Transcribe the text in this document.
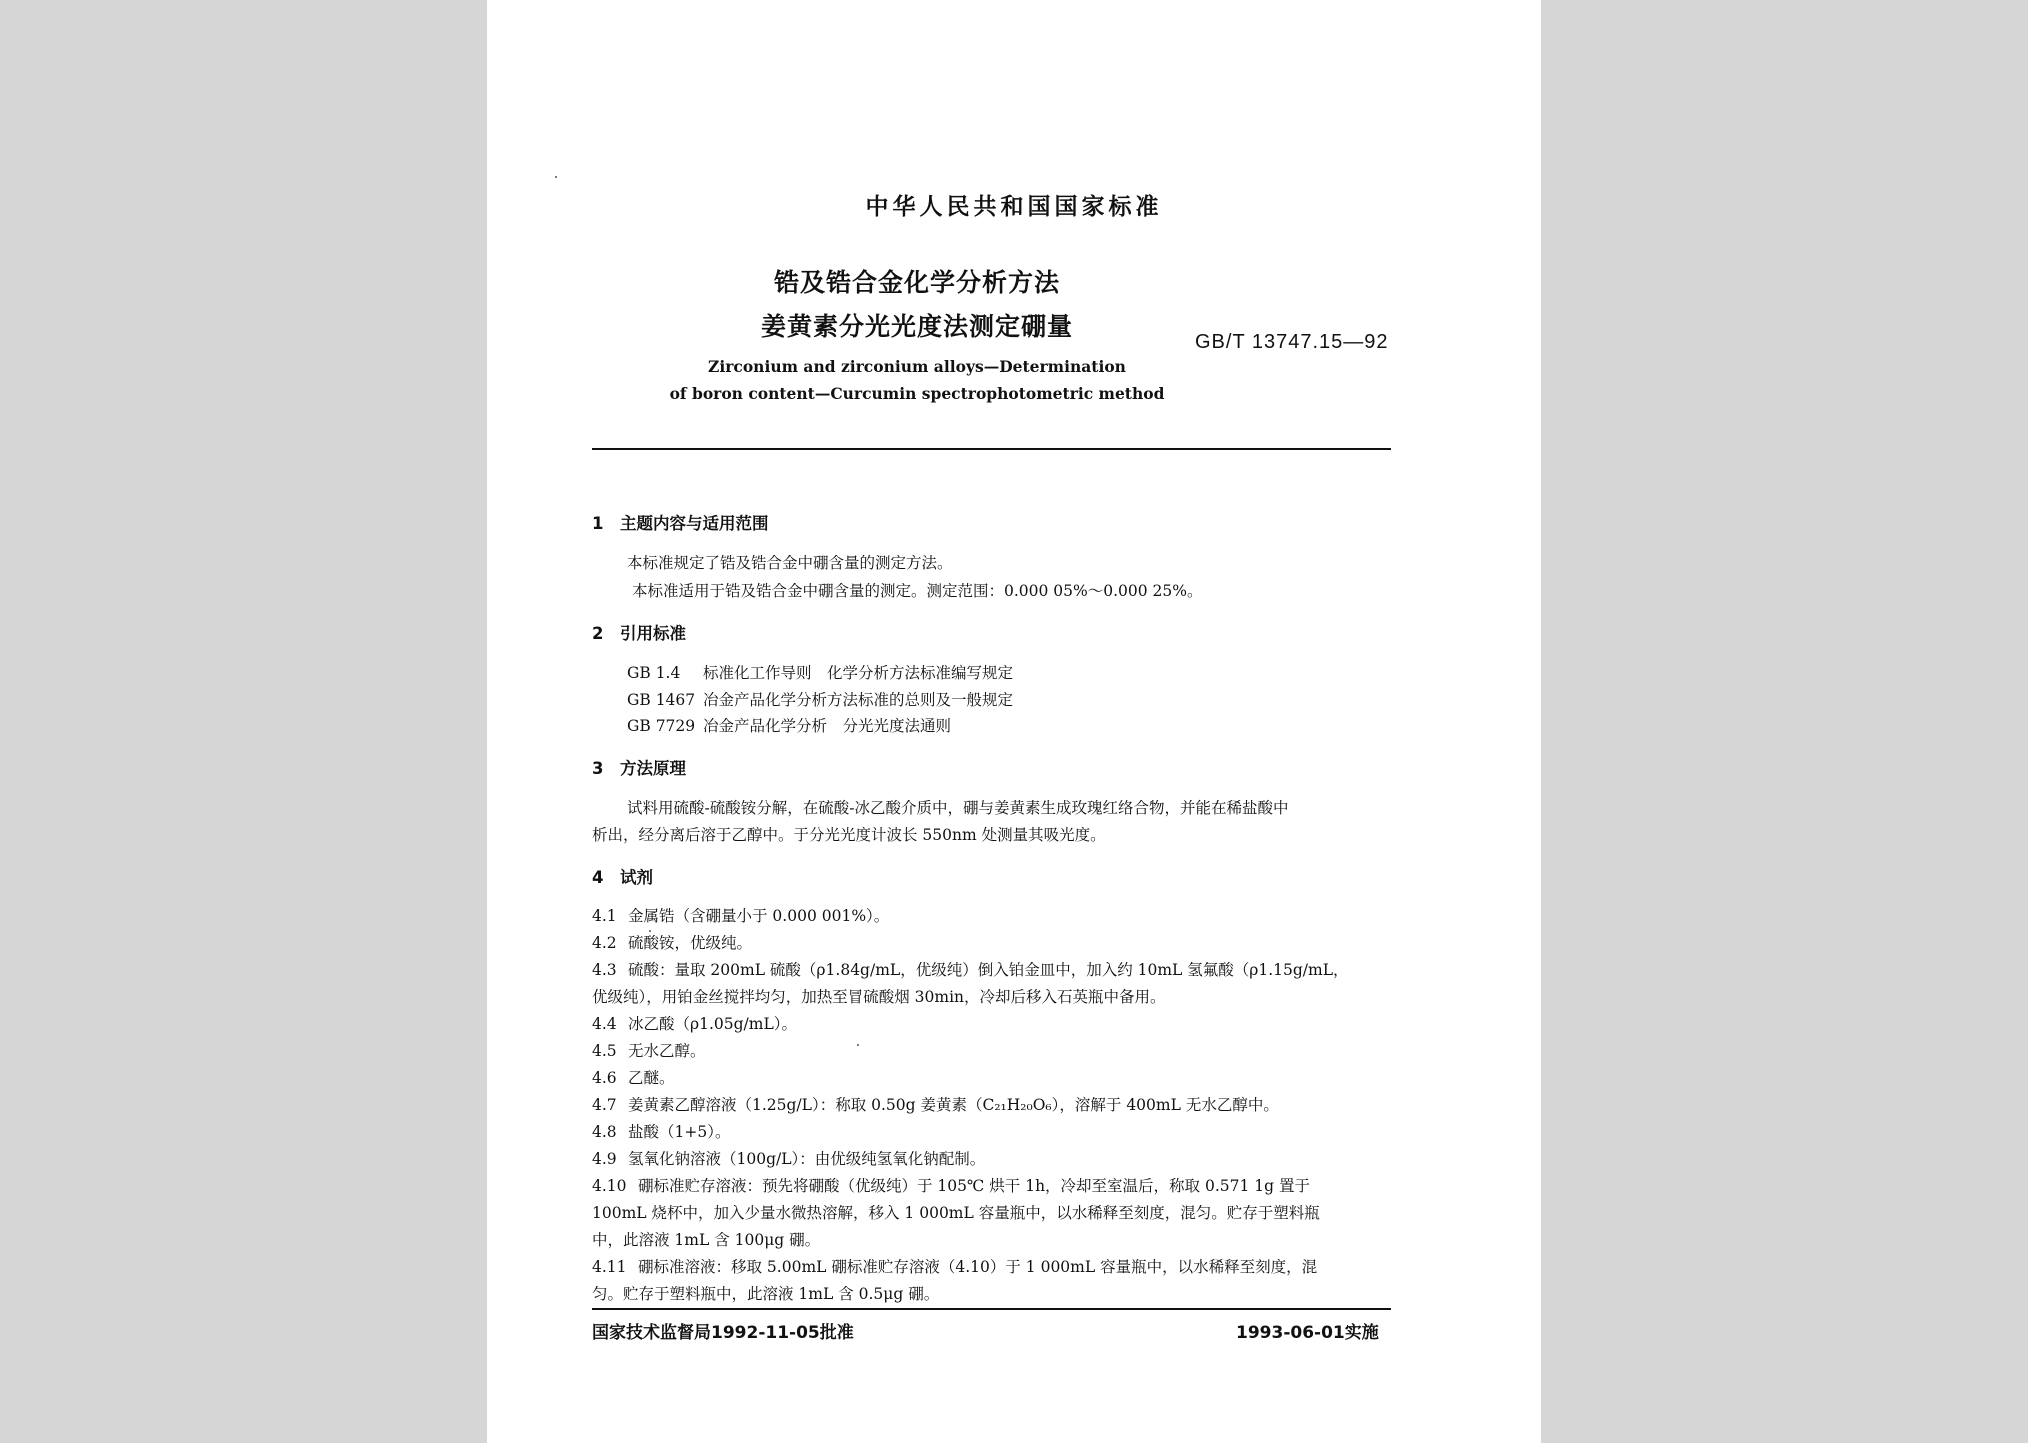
中华人民共和国国家标准
锆及锆合金化学分析方法
姜黄素分光光度法测定硼量
GB/T 13747.15—92
Zirconium and zirconium alloys—Determination
of boron content—Curcumin spectrophotometric method
1 主题内容与适用范围
本标准规定了锆及锆合金中硼含量的测定方法。
本标准适用于锆及锆合金中硼含量的测定。测定范围：0.000 05%～0.000 25%。
2 引用标准
GB 1.4 标准化工作导则　化学分析方法标准编写规定
GB 1467 冶金产品化学分析方法标准的总则及一般规定
GB 7729 冶金产品化学分析　分光光度法通则
3 方法原理
试料用硫酸-硫酸铵分解，在硫酸-冰乙酸介质中，硼与姜黄素生成玫瑰红络合物，并能在稀盐酸中
析出，经分离后溶于乙醇中。于分光光度计波长 550nm 处测量其吸光度。
4 试剂
4.1 金属锆（含硼量小于 0.000 001%）。
4.2 硫酸铵，优级纯。
4.3 硫酸：量取 200mL 硫酸（ρ1.84g/mL，优级纯）倒入铂金皿中，加入约 10mL 氢氟酸（ρ1.15g/mL，
优级纯），用铂金丝搅拌均匀，加热至冒硫酸烟 30min，冷却后移入石英瓶中备用。
4.4 冰乙酸（ρ1.05g/mL）。
4.5 无水乙醇。
4.6 乙醚。
4.7 姜黄素乙醇溶液（1.25g/L）：称取 0.50g 姜黄素（C₂₁H₂₀O₆），溶解于 400mL 无水乙醇中。
4.8 盐酸（1+5）。
4.9 氢氧化钠溶液（100g/L）：由优级纯氢氧化钠配制。
4.10 硼标准贮存溶液：预先将硼酸（优级纯）于 105℃ 烘干 1h，冷却至室温后，称取 0.571 1g 置于
100mL 烧杯中，加入少量水微热溶解，移入 1 000mL 容量瓶中，以水稀释至刻度，混匀。贮存于塑料瓶
中，此溶液 1mL 含 100μg 硼。
4.11 硼标准溶液：移取 5.00mL 硼标准贮存溶液（4.10）于 1 000mL 容量瓶中，以水稀释至刻度，混
匀。贮存于塑料瓶中，此溶液 1mL 含 0.5μg 硼。
国家技术监督局1992-11-05批准	1993-06-01实施
